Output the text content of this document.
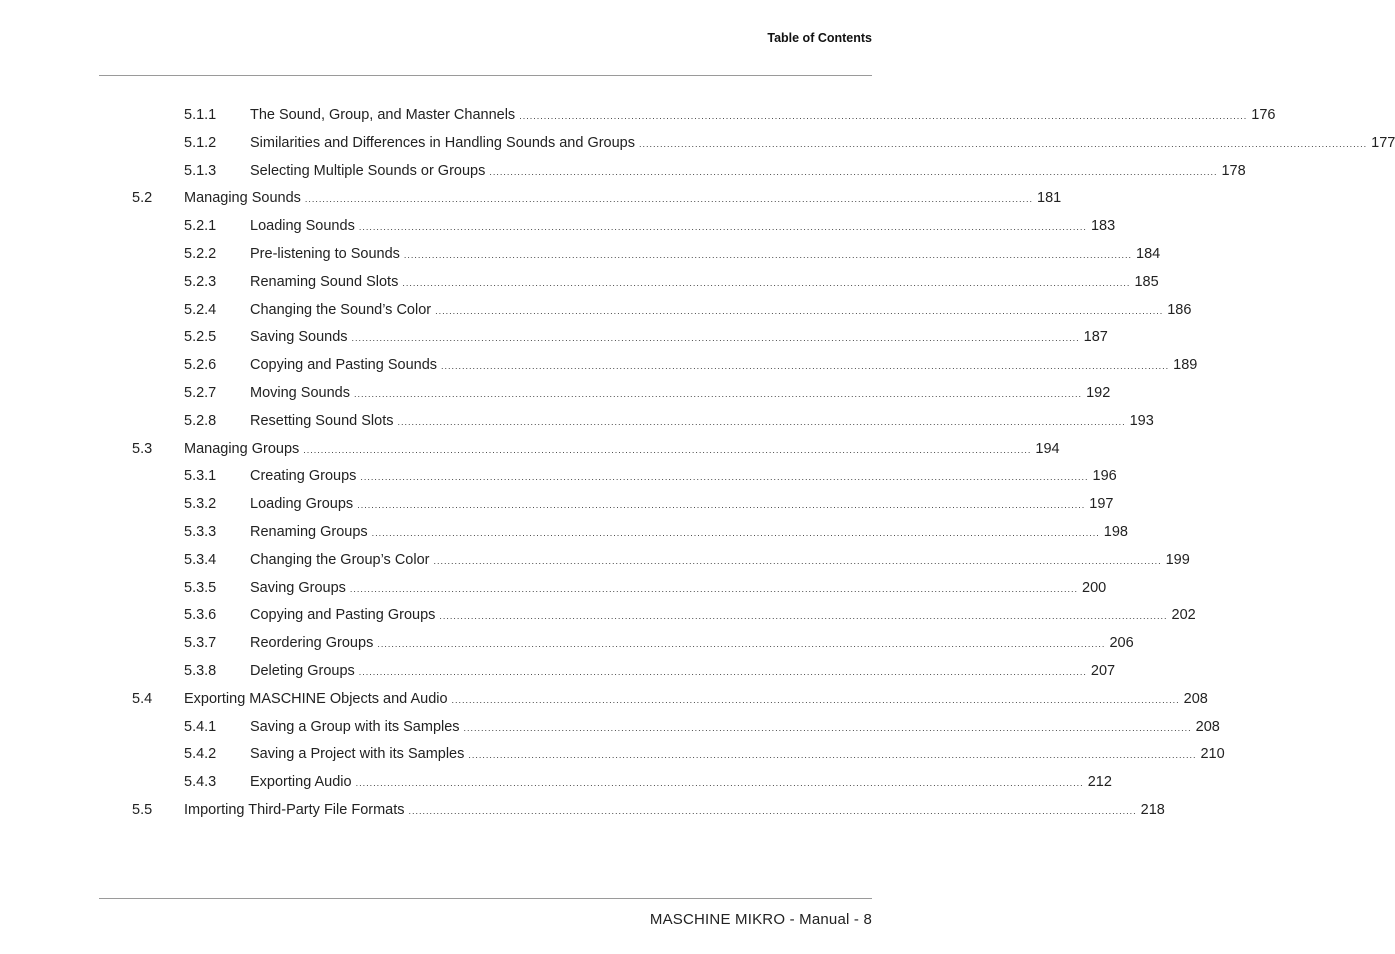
Table of Contents
5.1.1 The Sound, Group, and Master Channels ................................................................................................................................................................................................................ 176
5.1.2 Similarities and Differences in Handling Sounds and Groups ................................................................................................................................................................................................................ 177
5.1.3 Selecting Multiple Sounds or Groups ................................................................................................................................................................................................................ 178
5.2 Managing Sounds ................................................................................................................................................................................................................ 181
5.2.1 Loading Sounds ................................................................................................................................................................................................................ 183
5.2.2 Pre-listening to Sounds ................................................................................................................................................................................................................ 184
5.2.3 Renaming Sound Slots ................................................................................................................................................................................................................ 185
5.2.4 Changing the Sound’s Color ................................................................................................................................................................................................................ 186
5.2.5 Saving Sounds ................................................................................................................................................................................................................ 187
5.2.6 Copying and Pasting Sounds ................................................................................................................................................................................................................ 189
5.2.7 Moving Sounds ................................................................................................................................................................................................................ 192
5.2.8 Resetting Sound Slots ................................................................................................................................................................................................................ 193
5.3 Managing Groups ................................................................................................................................................................................................................ 194
5.3.1 Creating Groups ................................................................................................................................................................................................................ 196
5.3.2 Loading Groups ................................................................................................................................................................................................................ 197
5.3.3 Renaming Groups ................................................................................................................................................................................................................ 198
5.3.4 Changing the Group’s Color ................................................................................................................................................................................................................ 199
5.3.5 Saving Groups ................................................................................................................................................................................................................ 200
5.3.6 Copying and Pasting Groups ................................................................................................................................................................................................................ 202
5.3.7 Reordering Groups ................................................................................................................................................................................................................ 206
5.3.8 Deleting Groups ................................................................................................................................................................................................................ 207
5.4 Exporting MASCHINE Objects and Audio ................................................................................................................................................................................................................ 208
5.4.1 Saving a Group with its Samples ................................................................................................................................................................................................................ 208
5.4.2 Saving a Project with its Samples ................................................................................................................................................................................................................ 210
5.4.3 Exporting Audio ................................................................................................................................................................................................................ 212
5.5 Importing Third-Party File Formats ................................................................................................................................................................................................................ 218
MASCHINE MIKRO - Manual - 8
